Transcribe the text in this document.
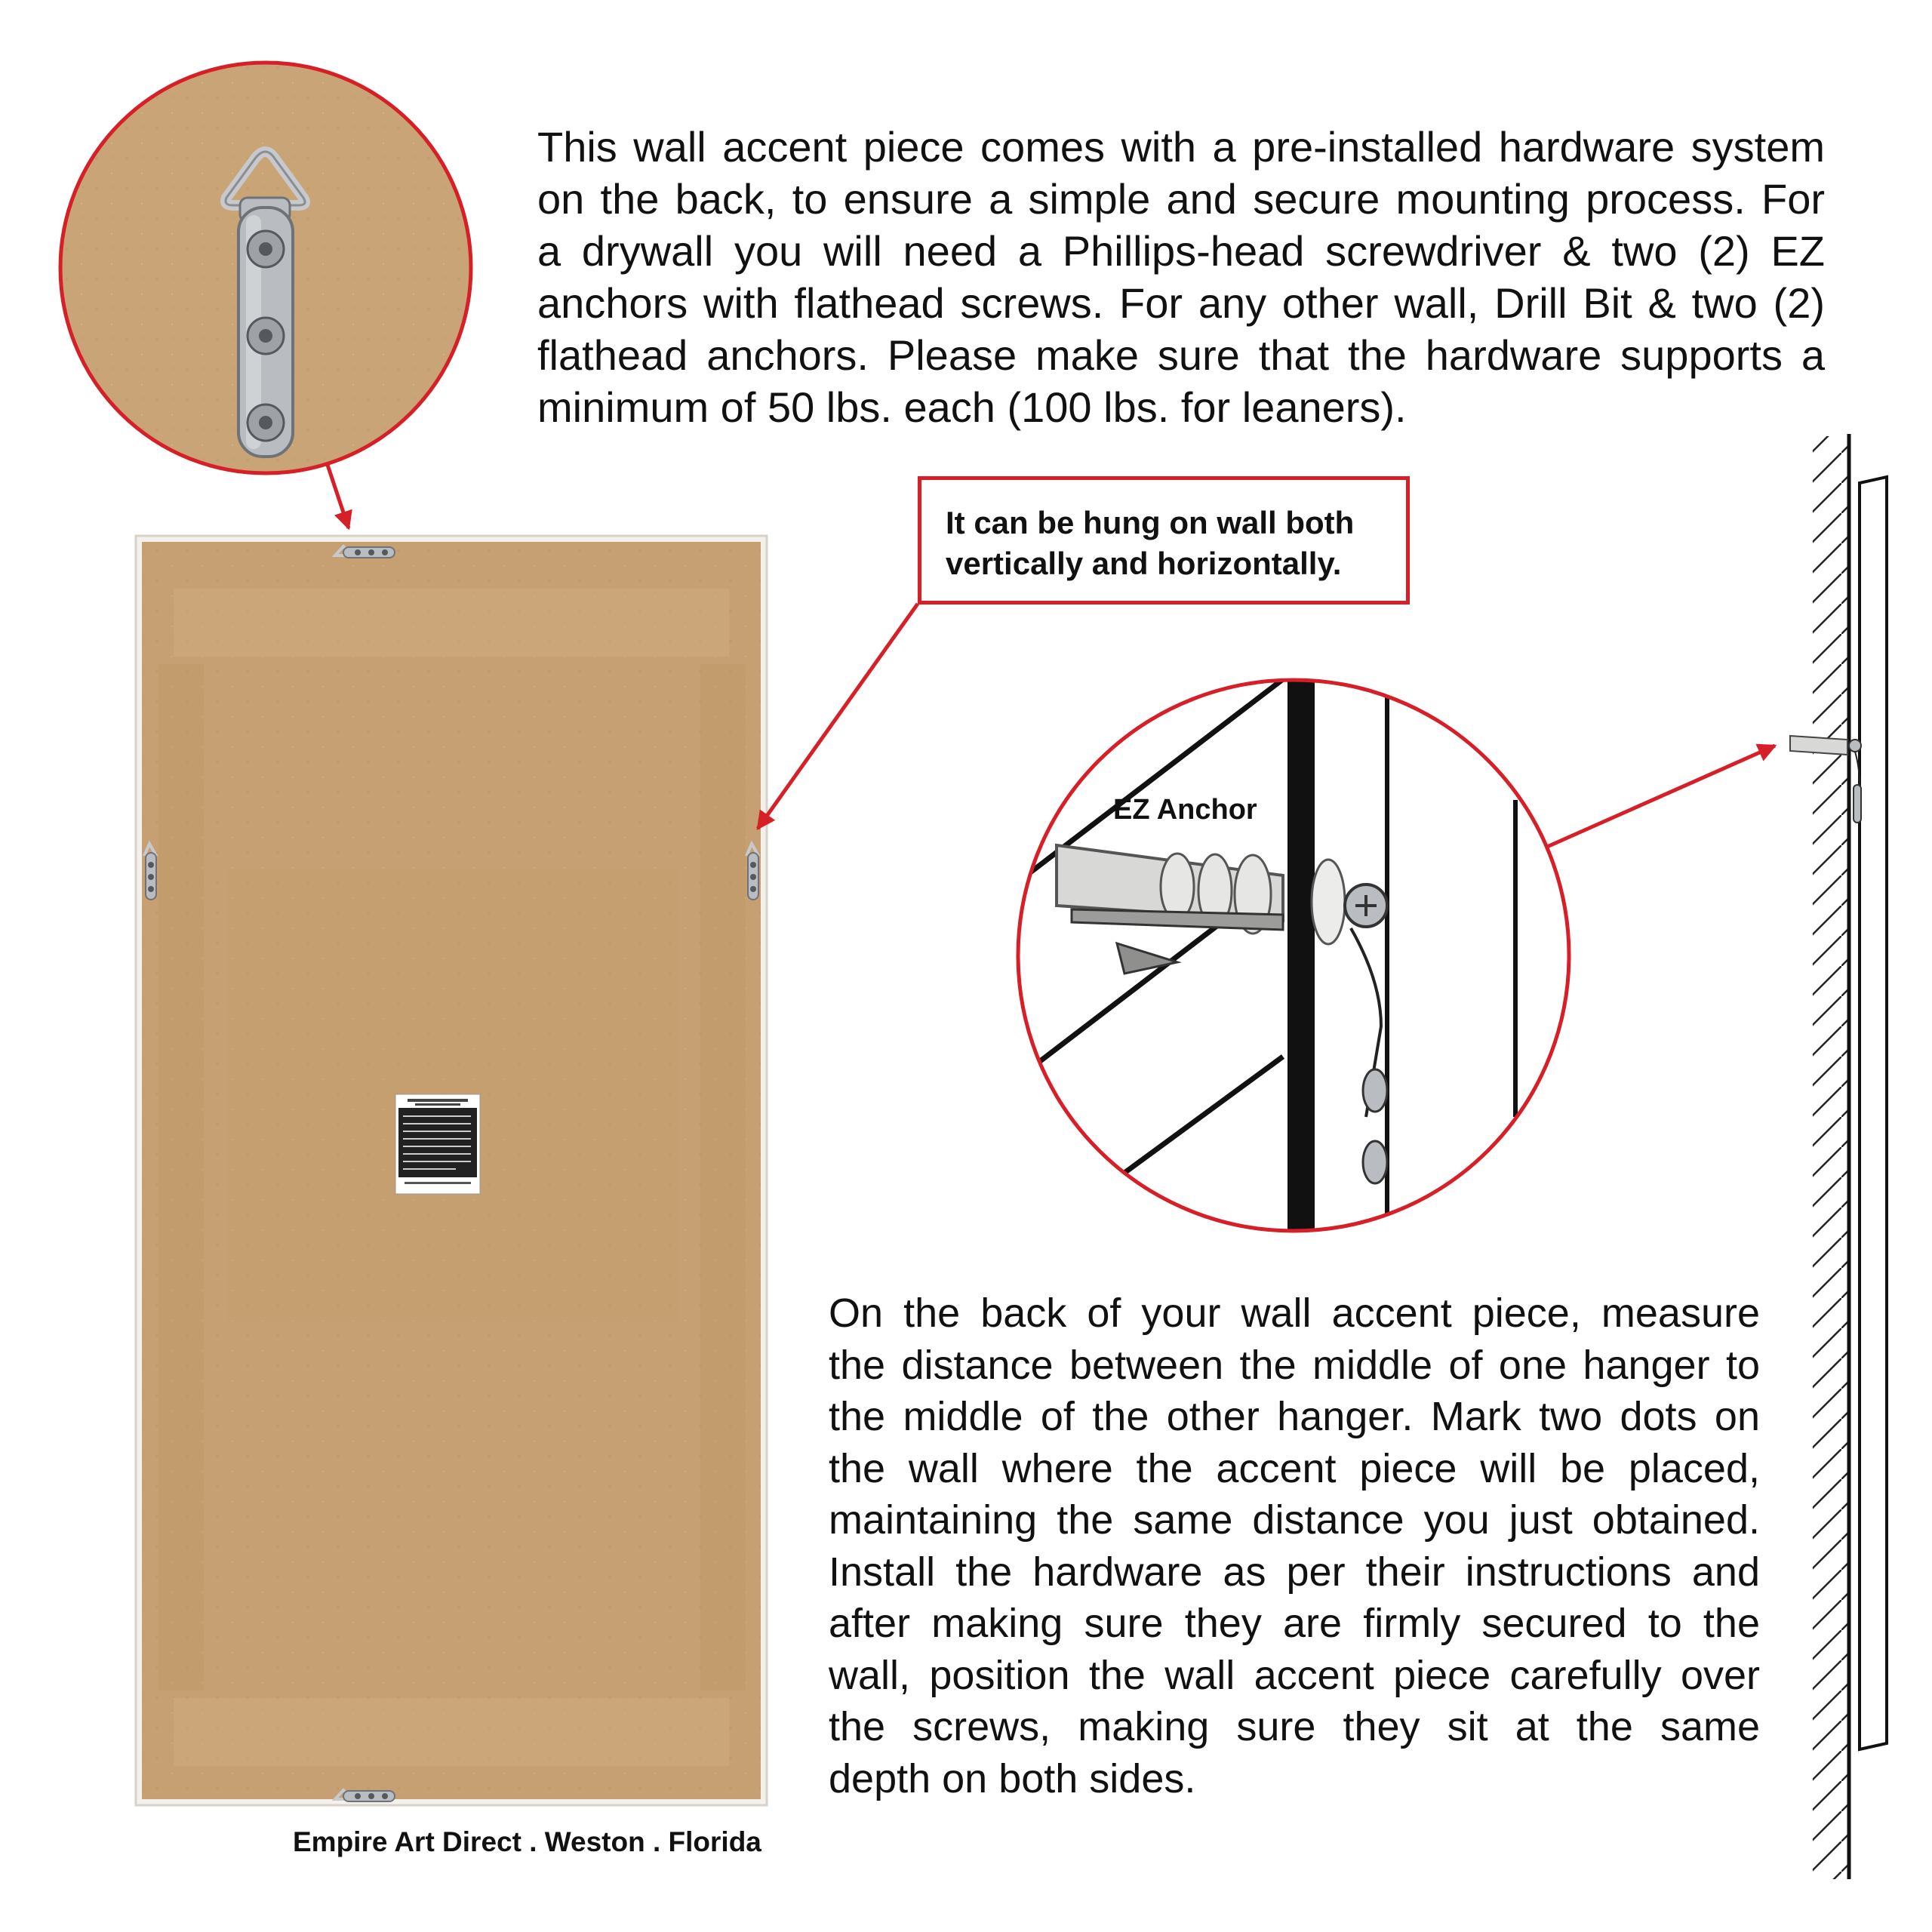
This wall accent piece comes with a pre-installed hardware system
on the back, to ensure a simple and secure mounting process. For
a drywall you will need a Phillips-head screwdriver & two (2) EZ
anchors with flathead screws. For any other wall, Drill Bit & two (2)
flathead anchors. Please make sure that the hardware supports a
minimum of 50 lbs. each (100 lbs. for leaners).
EZ Anchor
It can be hung on wall both
vertically and horizontally.
On the back of your wall accent piece, measure
the distance between the middle of one hanger to
the middle of the other hanger. Mark two dots on
the wall where the accent piece will be placed,
maintaining the same distance you just obtained.
Install the hardware as per their instructions and
after making sure they are firmly secured to the
wall, position the wall accent piece carefully over
the screws, making sure they sit at the same
depth on both sides.
Empire Art Direct . Weston . Florida
